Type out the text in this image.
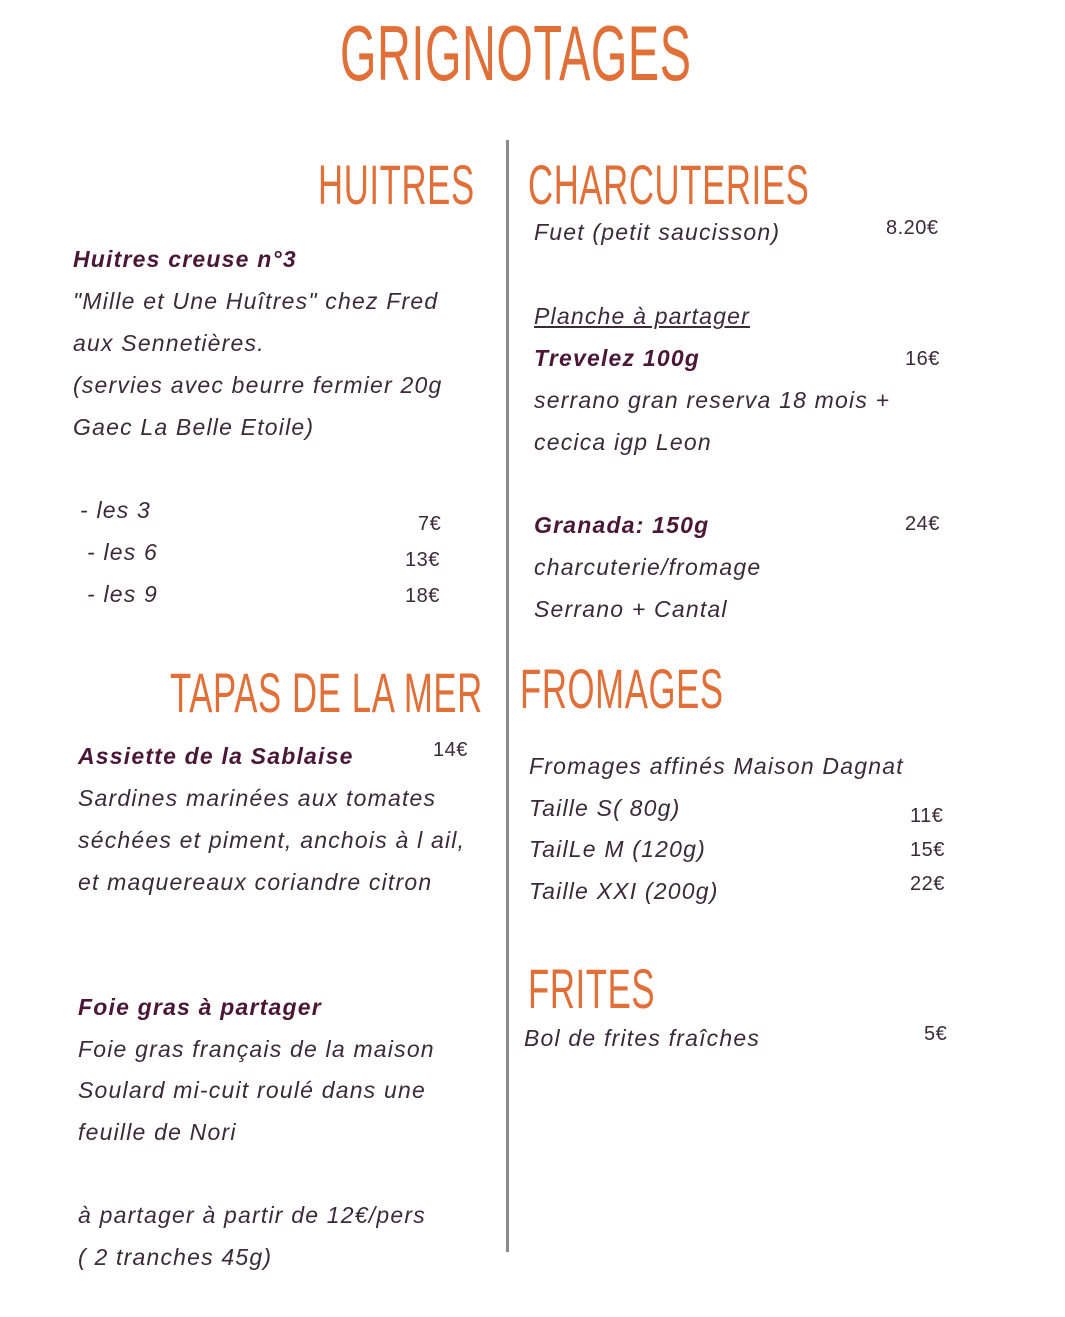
GRIGNOTAGES
HUITRES
Huitres creuse n°3
"Mille et Une Huîtres" chez Fred
aux Sennetières.
(servies avec beurre fermier 20g
Gaec La Belle Etoile)
- les 3
7€
- les 6	13€
- les 9	18€
TAPAS DE LA MER
Assiette de la Sablaise	14€
Sardines marinées aux tomates
séchées et piment, anchois à l ail,
et maquereaux coriandre citron
Foie gras à partager
Foie gras français de la maison
Soulard mi-cuit roulé dans une
feuille de Nori
à partager à partir de 12€/pers
( 2 tranches 45g)
CHARCUTERIES
Fuet (petit saucisson)	8.20€
Planche à partager
Trevelez 100g	16€
serrano gran reserva 18 mois +
cecica igp Leon
Granada: 150g	24€
charcuterie/fromage
Serrano + Cantal
FROMAGES
Fromages affinés Maison Dagnat
Taille S( 80g)	11€
TailLe M (120g)	15€
Taille XXI (200g)	22€
FRITES
Bol de frites fraîches	5€
